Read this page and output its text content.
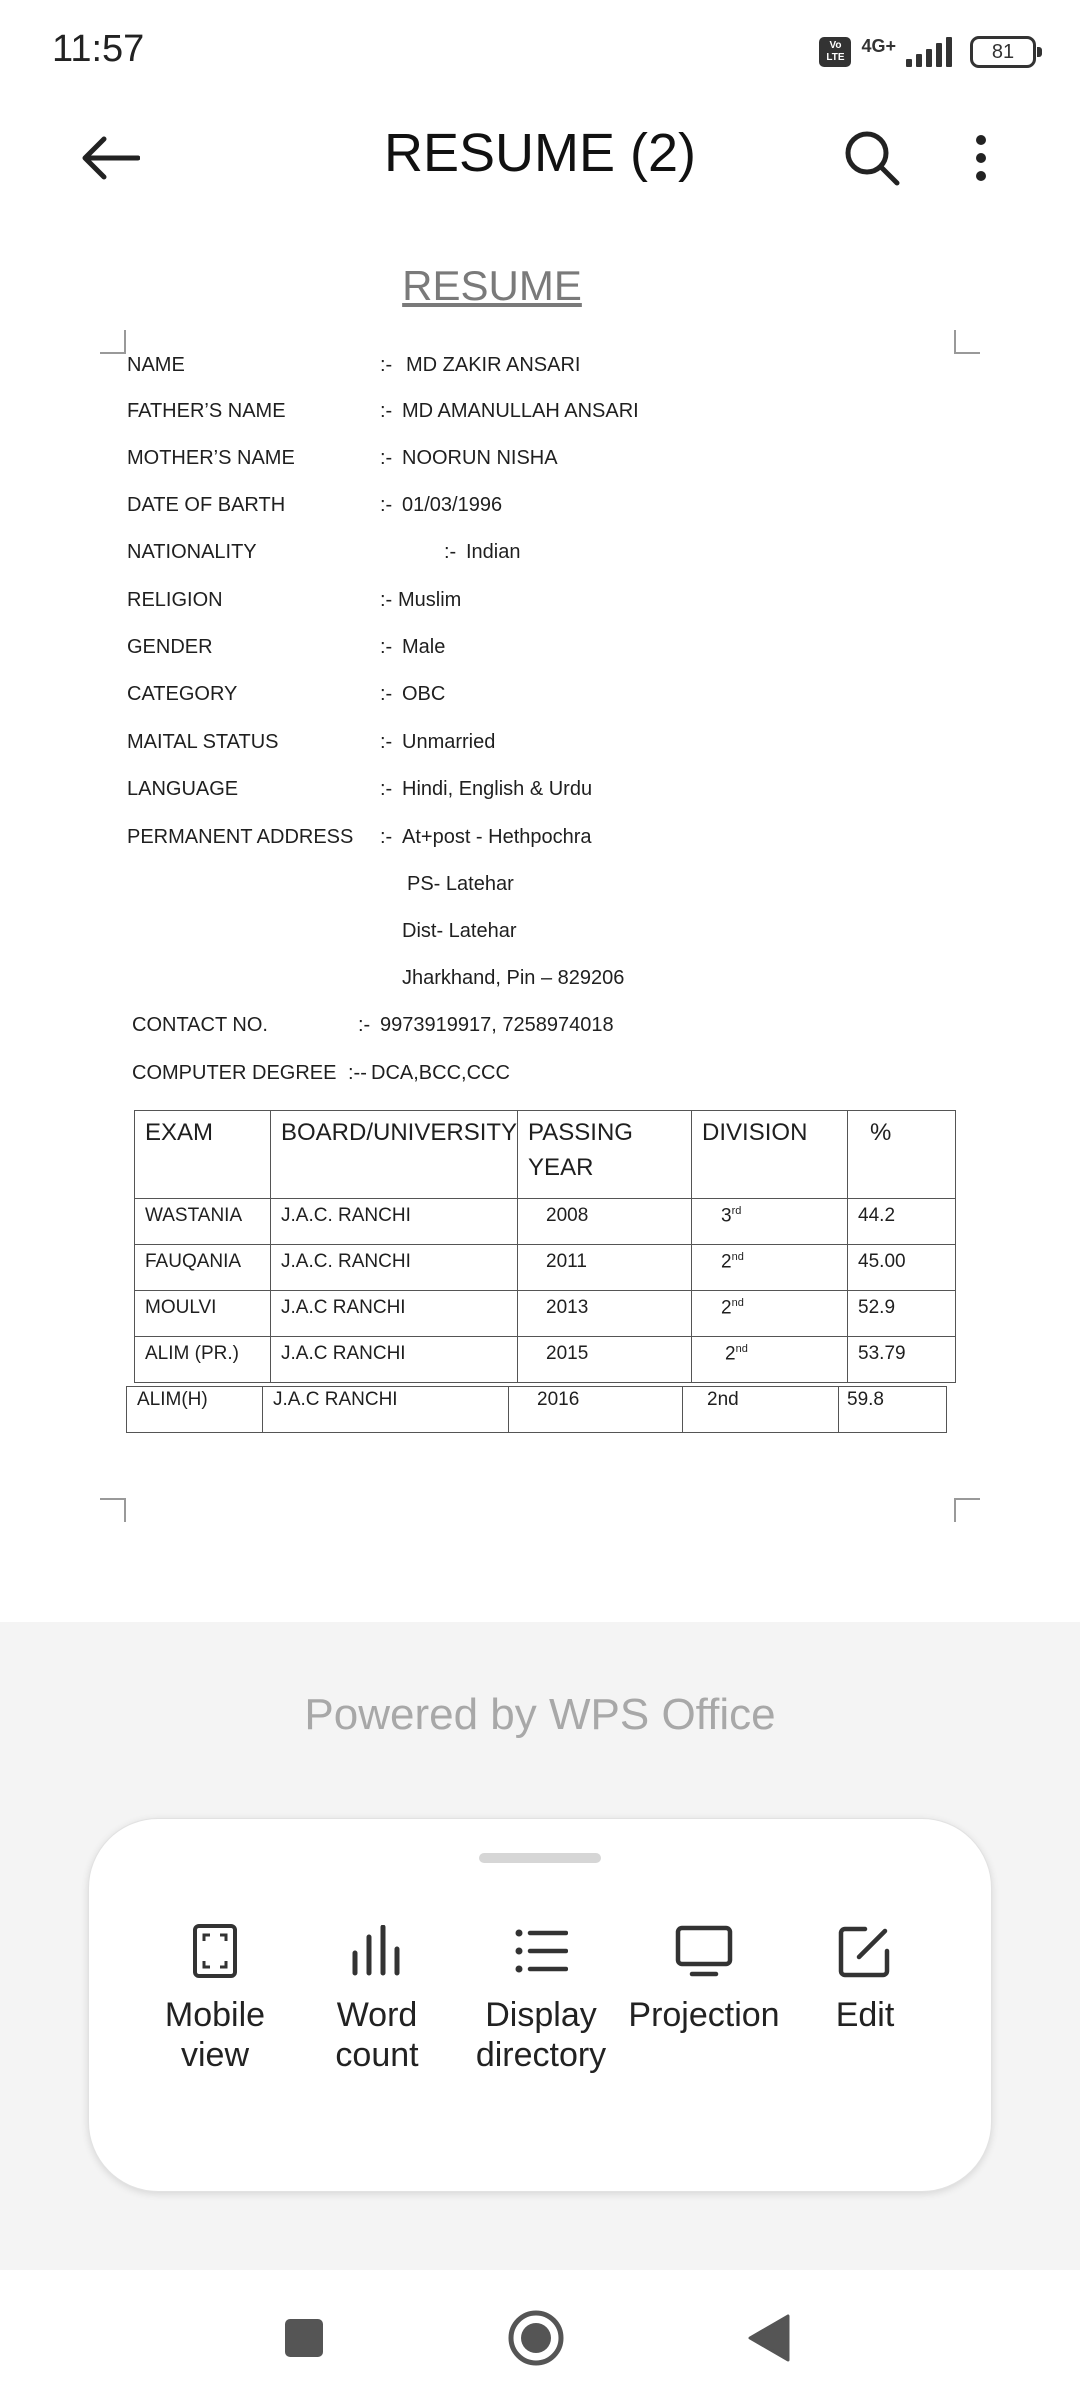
11:57	Vo LTE
4G+	81
RESUME (2)
RESUME
NAME	:- MD ZAKIR ANSARI
FATHER’S NAME	:- MD AMANULLAH ANSARI
MOTHER’S NAME	:- NOORUN NISHA
DATE OF BARTH	:- 01/03/1996
NATIONALITY	:- Indian
RELIGION	:- Muslim
GENDER	:- Male
CATEGORY	:- OBC
MAITAL STATUS	:- Unmarried
LANGUAGE	:- Hindi, English & Urdu
PERMANENT ADDRESS :- At+post - Hethpochra
PS- Latehar
Dist- Latehar
Jharkhand, Pin – 829206
CONTACT NO.	:- 9973919917, 7258974018
COMPUTER DEGREE :-- DCA,BCC,CCC
EXAM	BOARD/UNIVERSITY	PASSING YEAR	DIVISION	%
WASTANIA	J.A.C. RANCHI	2008	3rd	44.2
FAUQANIA	J.A.C. RANCHI	2011	2nd	45.00
MOULVI	J.A.C RANCHI	2013	2nd	52.9
ALIM (PR.)	J.A.C RANCHI	2015	2nd	53.79
ALIM(H)	J.A.C RANCHI	2016	2nd	59.8
Powered by WPS Office
Mobile
view
Word
count
Display
directory
Projection	Edit
